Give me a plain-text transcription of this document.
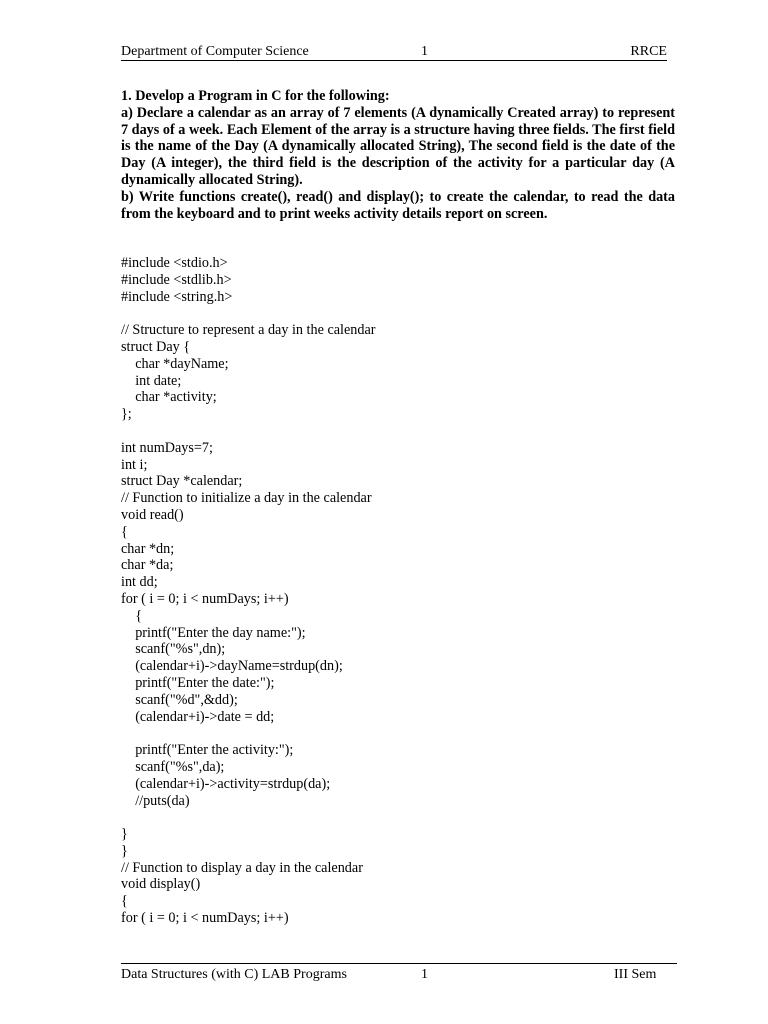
Department of Computer Science	1	RRCE

1. Develop a Program in C for the following:

a) Declare a calendar as an array of 7 elements (A dynamically Created array) to represent 7 days of a week. Each Element of the array is a structure having three fields. The first field is the name of the Day (A dynamically allocated String), The second field is the date of the Day (A integer), the third field is the description of the activity for a particular day (A dynamically allocated String).

b) Write functions create(), read() and display(); to create the calendar, to read the data from the keyboard and to print weeks activity details report on screen.

#include <stdio.h>
#include <stdlib.h>
#include <string.h>
// Structure to represent a day in the calendar
struct Day {
char *dayName;
int date;
char *activity;
};
int numDays=7;
int i;
struct Day *calendar;
// Function to initialize a day in the calendar
void read()
{
char *dn;
char *da;
int dd;
for ( i = 0; i < numDays; i++)
{
printf("Enter the day name:");
scanf("%s",dn);
(calendar+i)->dayName=strdup(dn);
printf("Enter the date:");
scanf("%d",&dd);
(calendar+i)->date = dd;
printf("Enter the activity:");
scanf("%s",da);
(calendar+i)->activity=strdup(da);
//puts(da)
}
}
// Function to display a day in the calendar
void display()
{
for ( i = 0; i < numDays; i++)
Data Structures (with C) LAB Programs	1	III Sem
